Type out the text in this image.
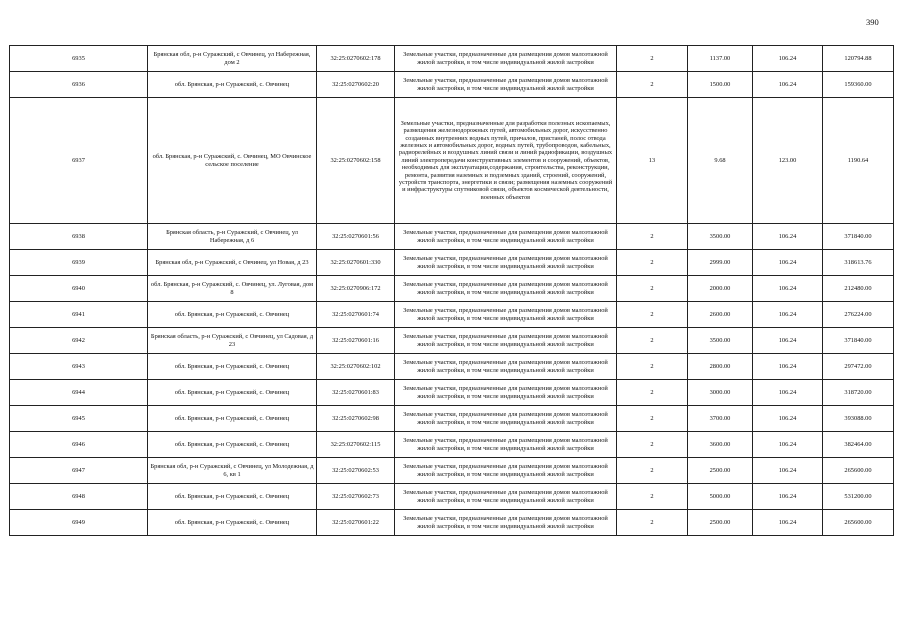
390
6935	Брянская обл, р-н Суражский, с Овчинец, ул Набережная, дом 2	32:25:0270602:178	Земельные участки, предназначенные для размещения домов малоэтажной жилой застройки, в том числе индивидуальной жилой застройки	2	1137.00	106.24	120794.88
6936	обл. Брянская, р-н Суражский, с. Овчинец	32:25:0270602:20	Земельные участки, предназначенные для размещения домов малоэтажной жилой застройки, в том числе индивидуальной жилой застройки	2	1500.00	106.24	159360.00
6937	обл. Брянская, р-н Суражский, с. Овчинец, МО Овчинское сельское поселение	32:25:0270602:158	Земельные участки, предназначенные для разработки полезных ископаемых, размещения железнодорожных путей, автомобильных дорог, искусственно созданных внутренних водных путей, причалов, пристаней, полос отвода железных и автомобильных дорог, водных путей, трубопроводов, кабельных, радиорелейных и воздушных линий связи и линий радиофикации, воздушных линий электропередачи конструктивных элементов и сооружений, объектов, необходимых для эксплуатации,содержания, строительства, реконструкции, ремонта, развития наземных и подземных зданий, строений, сооружений, устройств транспорта, энергетики и связи; размещения наземных сооружений и инфраструктуры спутниковой связи, объектов космической деятельности, военных объектов	13	9.68	123.00	1190.64
6938	Брянская область, р-н Суражский, с Овчинец, ул Набережная, д 6	32:25:0270601:56	Земельные участки, предназначенные для размещения домов малоэтажной жилой застройки, в том числе индивидуальной жилой застройки	2	3500.00	106.24	371840.00
6939	Брянская обл, р-н Суражский, с Овчинец, ул Новая, д 23	32:25:0270601:330	Земельные участки, предназначенные для размещения домов малоэтажной жилой застройки, в том числе индивидуальной жилой застройки	2	2999.00	106.24	318613.76
6940	обл. Брянская, р-н Суражский, с. Овчинец, ул. Луговая, дом 8	32:25:0270906:172	Земельные участки, предназначенные для размещения домов малоэтажной жилой застройки, в том числе индивидуальной жилой застройки	2	2000.00	106.24	212480.00
6941	обл. Брянская, р-н Суражский, с. Овчинец	32:25:0270601:74	Земельные участки, предназначенные для размещения домов малоэтажной жилой застройки, в том числе индивидуальной жилой застройки	2	2600.00	106.24	276224.00
6942	Брянская область, р-н Суражский, с Овчинец, ул Садовая, д 23	32:25:0270601:16	Земельные участки, предназначенные для размещения домов малоэтажной жилой застройки, в том числе индивидуальной жилой застройки	2	3500.00	106.24	371840.00
6943	обл. Брянская, р-н Суражский, с. Овчинец	32:25:0270602:102	Земельные участки, предназначенные для размещения домов малоэтажной жилой застройки, в том числе индивидуальной жилой застройки	2	2800.00	106.24	297472.00
6944	обл. Брянская, р-н Суражский, с. Овчинец	32:25:0270601:83	Земельные участки, предназначенные для размещения домов малоэтажной жилой застройки, в том числе индивидуальной жилой застройки	2	3000.00	106.24	318720.00
6945	обл. Брянская, р-н Суражский, с. Овчинец	32:25:0270602:98	Земельные участки, предназначенные для размещения домов малоэтажной жилой застройки, в том числе индивидуальной жилой застройки	2	3700.00	106.24	393088.00
6946	обл. Брянская, р-н Суражский, с. Овчинец	32:25:0270602:115	Земельные участки, предназначенные для размещения домов малоэтажной жилой застройки, в том числе индивидуальной жилой застройки	2	3600.00	106.24	382464.00
6947	Брянская обл, р-н Суражский, с Овчинец, ул Молодежная, д 6, кв 1	32:25:0270602:53	Земельные участки, предназначенные для размещения домов малоэтажной жилой застройки, в том числе индивидуальной жилой застройки	2	2500.00	106.24	265600.00
6948	обл. Брянская, р-н Суражский, с. Овчинец	32:25:0270602:73	Земельные участки, предназначенные для размещения домов малоэтажной жилой застройки, в том числе индивидуальной жилой застройки	2	5000.00	106.24	531200.00
6949	обл. Брянская, р-н Суражский, с. Овчинец	32:25:0270601:22	Земельные участки, предназначенные для размещения домов малоэтажной жилой застройки, в том числе индивидуальной жилой застройки	2	2500.00	106.24	265600.00
